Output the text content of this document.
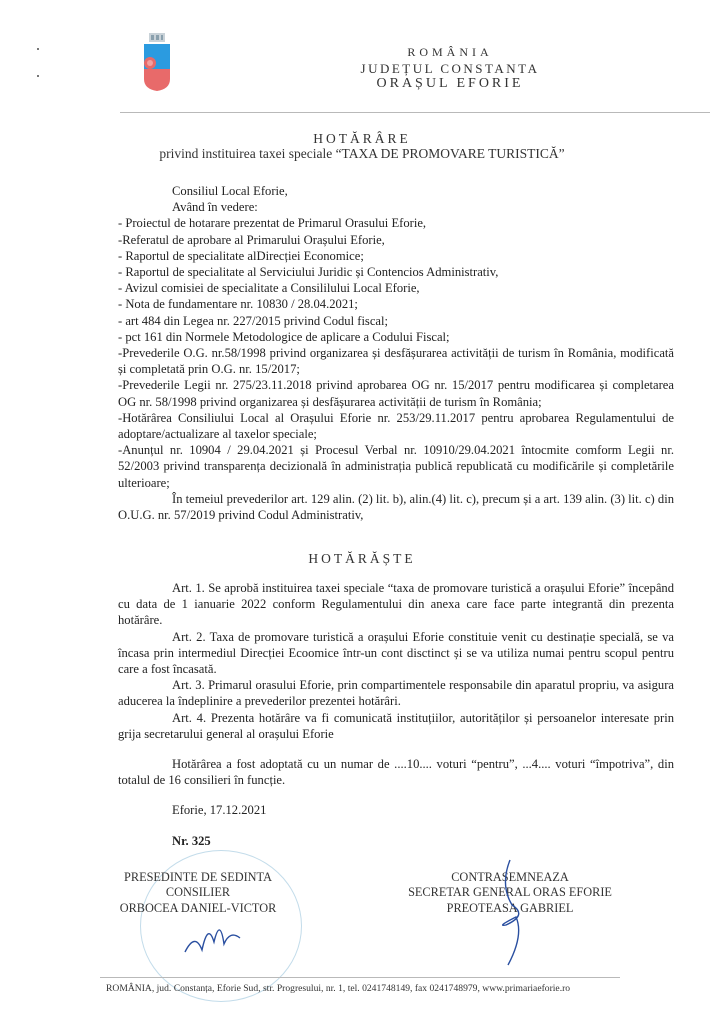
ROMÂNIA
JUDEȚUL CONSTANTA
ORAȘUL EFORIE
HOTĂRÂRE
privind instituirea taxei speciale “TAXA DE PROMOVARE TURISTICĂ”
Consiliul Local Eforie,
Având în vedere:
- Proiectul de hotarare prezentat de Primarul Orasului Eforie,
-Referatul de aprobare al Primarului Orașului Eforie,
- Raportul de specialitate alDirecției Economice;
- Raportul de specialitate al Serviciului Juridic și Contencios Administrativ,
- Avizul comisiei de specialitate a Consililului Local Eforie,
- Nota de fundamentare nr. 10830 / 28.04.2021;
- art 484 din Legea nr. 227/2015 privind Codul fiscal;
- pct 161 din Normele Metodologice de aplicare a Codului Fiscal;
-Prevederile O.G. nr.58/1998 privind organizarea și desfășurarea activității de turism în România, modificată și completată prin O.G. nr. 15/2017;
-Prevederile Legii nr. 275/23.11.2018 privind aprobarea OG nr. 15/2017 pentru modificarea și completarea OG nr. 58/1998 privind organizarea și desfășurarea activității de turism în România;
-Hotărârea Consiliului Local al Orașului Eforie nr. 253/29.11.2017 pentru aprobarea Regulamentului de adoptare/actualizare al taxelor speciale;
-Anunțul nr. 10904 / 29.04.2021 și Procesul Verbal nr. 10910/29.04.2021 întocmite comform Legii nr. 52/2003 privind transparența decizională în administrația publică republicată cu modificările și completările ulterioare;
În temeiul prevederilor art. 129 alin. (2) lit. b), alin.(4) lit. c), precum și a art. 139 alin. (3) lit. c) din O.U.G. nr. 57/2019 privind Codul Administrativ,
HOTĂRĂȘTE
Art. 1. Se aprobă instituirea taxei speciale “taxa de promovare turistică a orașului Eforie” începând cu data de 1 ianuarie 2022 conform Regulamentului din anexa care face parte integrantă din prezenta hotărâre.
Art. 2. Taxa de promovare turistică a orașului Eforie constituie venit cu destinație specială, se va încasa prin intermediul Direcției Ecoomice într-un cont disctinct și se va utiliza numai pentru scopul pentru care a fost încasată.
Art. 3. Primarul orasului Eforie, prin compartimentele responsabile din aparatul propriu, va asigura aducerea la îndeplinire a prevederilor prezentei hotărâri.
Art. 4. Prezenta hotărâre va fi comunicată instituțiilor, autorităților și persoanelor interesate prin grija secretarului general al orașului Eforie
Hotărârea a fost adoptată cu un numar de ....10.... voturi “pentru”, ...4.... voturi “împotriva”, din totalul de 16 consilieri în funcție.
Eforie, 17.12.2021
Nr. 325
PRESEDINTE DE SEDINTA
CONSILIER
ORBOCEA DANIEL-VICTOR
CONTRASEMNEAZA
SECRETAR GENERAL ORAS EFORIE
PREOTEASA GABRIEL
ROMÂNIA, jud. Constanța, Eforie Sud, str. Progresului, nr. 1, tel. 0241748149, fax 0241748979, www.primariaeforie.ro
